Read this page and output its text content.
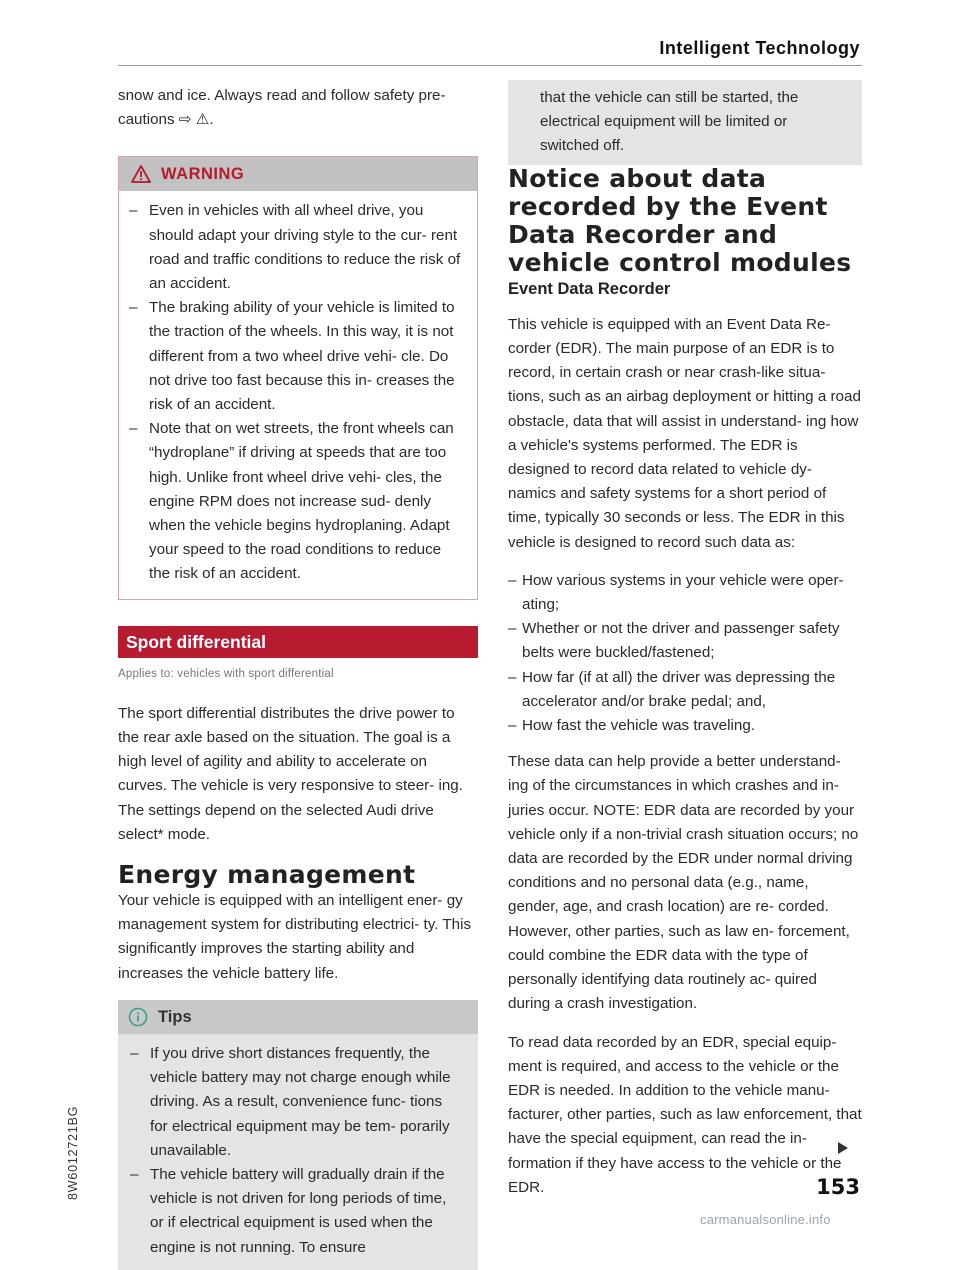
Intelligent Technology

snow and ice. Always read and follow safety pre- cautions ⇨ ⚠.

WARNING
– Even in vehicles with all wheel drive, you should adapt your driving style to the cur- rent road and traffic conditions to reduce the risk of an accident.
– The braking ability of your vehicle is limited to the traction of the wheels. In this way, it is not different from a two wheel drive vehi- cle. Do not drive too fast because this in- creases the risk of an accident.
– Note that on wet streets, the front wheels can “hydroplane” if driving at speeds that are too high. Unlike front wheel drive vehi- cles, the engine RPM does not increase sud- denly when the vehicle begins hydroplaning. Adapt your speed to the road conditions to reduce the risk of an accident.
Sport differential
Applies to: vehicles with sport differential

The sport differential distributes the drive power to the rear axle based on the situation. The goal is a high level of agility and ability to accelerate on curves. The vehicle is very responsive to steer- ing. The settings depend on the selected Audi drive select* mode.

Energy management

Your vehicle is equipped with an intelligent ener- gy management system for distributing electrici- ty. This significantly improves the starting ability and increases the vehicle battery life.

Tips
– If you drive short distances frequently, the vehicle battery may not charge enough while driving. As a result, convenience func- tions for electrical equipment may be tem- porarily unavailable.
– The vehicle battery will gradually drain if the vehicle is not driven for long periods of time, or if electrical equipment is used when the engine is not running. To ensure

that the vehicle can still be started, the electrical equipment will be limited or switched off.

Notice about data recorded by the Event Data Recorder and vehicle control modules
Event Data Recorder

This vehicle is equipped with an Event Data Re- corder (EDR). The main purpose of an EDR is to record, in certain crash or near crash-like situa- tions, such as an airbag deployment or hitting a road obstacle, data that will assist in understand- ing how a vehicle's systems performed. The EDR is designed to record data related to vehicle dy- namics and safety systems for a short period of time, typically 30 seconds or less. The EDR in this vehicle is designed to record such data as:

– How various systems in your vehicle were oper- ating;
– Whether or not the driver and passenger safety belts were buckled/fastened;
– How far (if at all) the driver was depressing the accelerator and/or brake pedal; and,
– How fast the vehicle was traveling.

These data can help provide a better understand- ing of the circumstances in which crashes and in- juries occur. NOTE: EDR data are recorded by your vehicle only if a non-trivial crash situation occurs; no data are recorded by the EDR under normal driving conditions and no personal data (e.g., name, gender, age, and crash location) are re- corded. However, other parties, such as law en- forcement, could combine the EDR data with the type of personally identifying data routinely ac- quired during a crash investigation.

To read data recorded by an EDR, special equip- ment is required, and access to the vehicle or the EDR is needed. In addition to the vehicle manu- facturer, other parties, such as law enforcement, that have the special equipment, can read the in- formation if they have access to the vehicle or the EDR.	153
8W6012721BG
carmanualsonline.info
